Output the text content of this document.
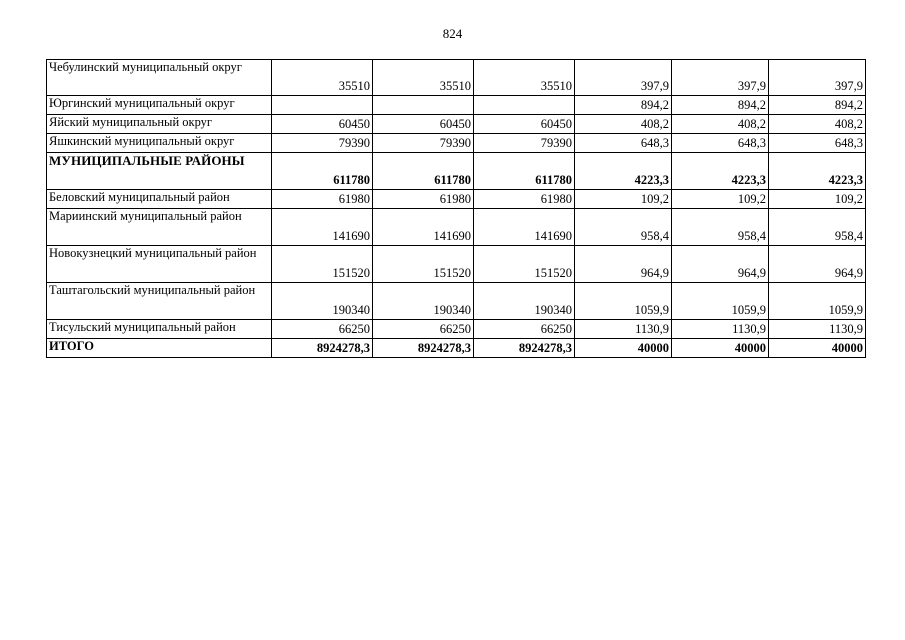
824
Чебулинский муниципальный округ	35510	35510	35510	397,9	397,9	397,9
Юргинский муниципальный округ				894,2	894,2	894,2
Яйский муниципальный округ	60450	60450	60450	408,2	408,2	408,2
Яшкинский муниципальный округ	79390	79390	79390	648,3	648,3	648,3
МУНИЦИПАЛЬНЫЕ РАЙОНЫ	611780	611780	611780	4223,3	4223,3	4223,3
Беловский муниципальный район	61980	61980	61980	109,2	109,2	109,2
Мариинский муниципальный район	141690	141690	141690	958,4	958,4	958,4
Новокузнецкий муниципальный район	151520	151520	151520	964,9	964,9	964,9
Таштагольский муниципальный район	190340	190340	190340	1059,9	1059,9	1059,9
Тисульский муниципальный район	66250	66250	66250	1130,9	1130,9	1130,9
ИТОГО	8924278,3	8924278,3	8924278,3	40000	40000	40000
